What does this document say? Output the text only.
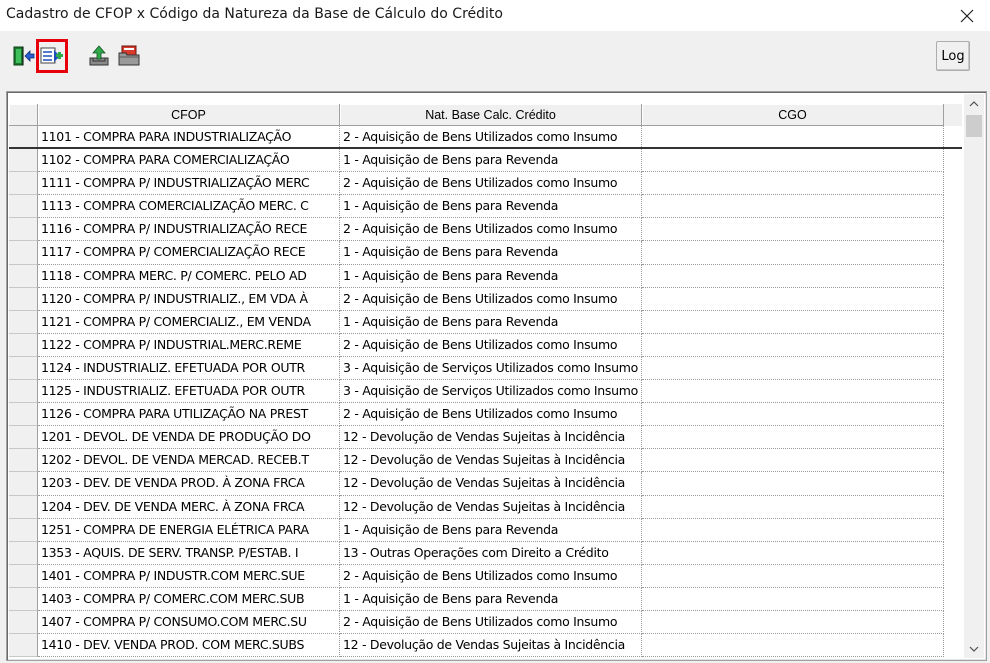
Cadastro de CFOP x Código da Natureza da Base de Cálculo do Crédito
Log
CFOP	Nat. Base Calc. Crédito	CGO
1101 - COMPRA PARA INDUSTRIALIZAÇÃO	2 - Aquisição de Bens Utilizados como Insumo
1102 - COMPRA PARA COMERCIALIZAÇÃO	1 - Aquisição de Bens para Revenda
1111 - COMPRA P/ INDUSTRIALIZAÇÃO MERC	2 - Aquisição de Bens Utilizados como Insumo
1113 - COMPRA COMERCIALIZAÇÃO MERC. C	1 - Aquisição de Bens para Revenda
1116 - COMPRA P/ INDUSTRIALIZAÇÃO RECE	2 - Aquisição de Bens Utilizados como Insumo
1117 - COMPRA P/ COMERCIALIZAÇÃO RECE	1 - Aquisição de Bens para Revenda
1118 - COMPRA MERC. P/ COMERC. PELO AD	1 - Aquisição de Bens para Revenda
1120 - COMPRA P/ INDUSTRIALIZ., EM VDA À	2 - Aquisição de Bens Utilizados como Insumo
1121 - COMPRA P/ COMERCIALIZ., EM VENDA	1 - Aquisição de Bens para Revenda
1122 - COMPRA P/ INDUSTRIAL.MERC.REME	2 - Aquisição de Bens Utilizados como Insumo
1124 - INDUSTRIALIZ. EFETUADA POR OUTR	3 - Aquisição de Serviços Utilizados como Insumo
1125 - INDUSTRIALIZ. EFETUADA POR OUTR	3 - Aquisição de Serviços Utilizados como Insumo
1126 - COMPRA PARA UTILIZAÇÃO NA PREST	2 - Aquisição de Bens Utilizados como Insumo
1201 - DEVOL. DE VENDA DE PRODUÇÃO DO	12 - Devolução de Vendas Sujeitas à Incidência
1202 - DEVOL. DE VENDA MERCAD. RECEB.T	12 - Devolução de Vendas Sujeitas à Incidência
1203 - DEV. DE VENDA PROD. À ZONA FRCA	12 - Devolução de Vendas Sujeitas à Incidência
1204 - DEV. DE VENDA MERC. À ZONA FRCA	12 - Devolução de Vendas Sujeitas à Incidência
1251 - COMPRA DE ENERGIA ELÉTRICA PARA	1 - Aquisição de Bens para Revenda
1353 - AQUIS. DE SERV. TRANSP. P/ESTAB. I	13 - Outras Operações com Direito a Crédito
1401 - COMPRA P/ INDUSTR.COM MERC.SUE	2 - Aquisição de Bens Utilizados como Insumo
1403 - COMPRA P/ COMERC.COM MERC.SUB	1 - Aquisição de Bens para Revenda
1407 - COMPRA P/ CONSUMO.COM MERC.SU	2 - Aquisição de Bens Utilizados como Insumo
1410 - DEV. VENDA PROD. COM MERC.SUBS	12 - Devolução de Vendas Sujeitas à Incidência
